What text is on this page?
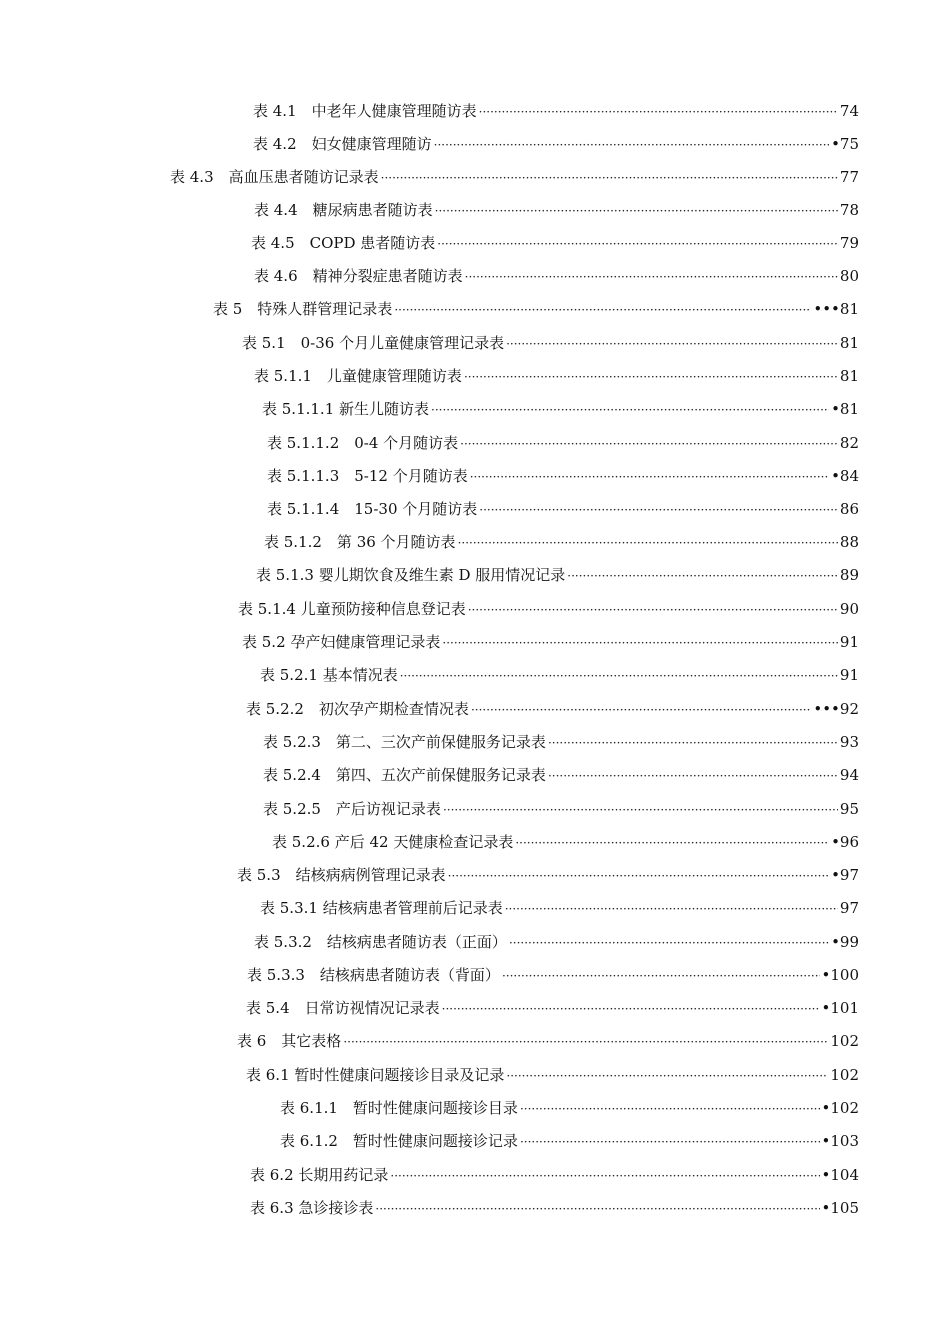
表 4.1　中老年人健康管理随访表 ·····	74
表 4.2　妇女健康管理随访 ·····	•75
表 4.3　高血压患者随访记录表 ·····	77
表 4.4　糖尿病患者随访表 ·····	78
表 4.5　COPD 患者随访表 ·····	79
表 4.6　精神分裂症患者随访表 ·····	80
表 5　特殊人群管理记录表 ·····	•••81
表 5.1　0-36 个月儿童健康管理记录表 ·····	81
表 5.1.1　儿童健康管理随访表 ·····	81
表 5.1.1.1 新生儿随访表 ·····	•81
表 5.1.1.2　0-4 个月随访表 ·····	82
表 5.1.1.3　5-12 个月随访表 ·····	•84
表 5.1.1.4　15-30 个月随访表 ·····	86
表 5.1.2　第 36 个月随访表 ·····	88
表 5.1.3 婴儿期饮食及维生素 D 服用情况记录 ·····	89
表 5.1.4 儿童预防接种信息登记表 ·····	90
表 5.2 孕产妇健康管理记录表 ·····	91
表 5.2.1 基本情况表 ·····	91
表 5.2.2　初次孕产期检查情况表 ·····	•••92
表 5.2.3　第二、三次产前保健服务记录表 ·····	93
表 5.2.4　第四、五次产前保健服务记录表 ·····	94
表 5.2.5　产后访视记录表 ·····	95
表 5.2.6 产后 42 天健康检查记录表 ·····	•96
表 5.3　结核病病例管理记录表 ·····	•97
表 5.3.1 结核病患者管理前后记录表 ·····	97
表 5.3.2　结核病患者随访表（正面） ·····	•99
表 5.3.3　结核病患者随访表（背面） ·····	•100
表 5.4　日常访视情况记录表 ·····	•101
表 6　其它表格 ·····	102
表 6.1 暂时性健康问题接诊目录及记录 ·····	102
表 6.1.1　暂时性健康问题接诊目录 ·····	•102
表 6.1.2　暂时性健康问题接诊记录 ·····	•103
表 6.2 长期用药记录 ·····	•104
表 6.3 急诊接诊表 ·····	•105
